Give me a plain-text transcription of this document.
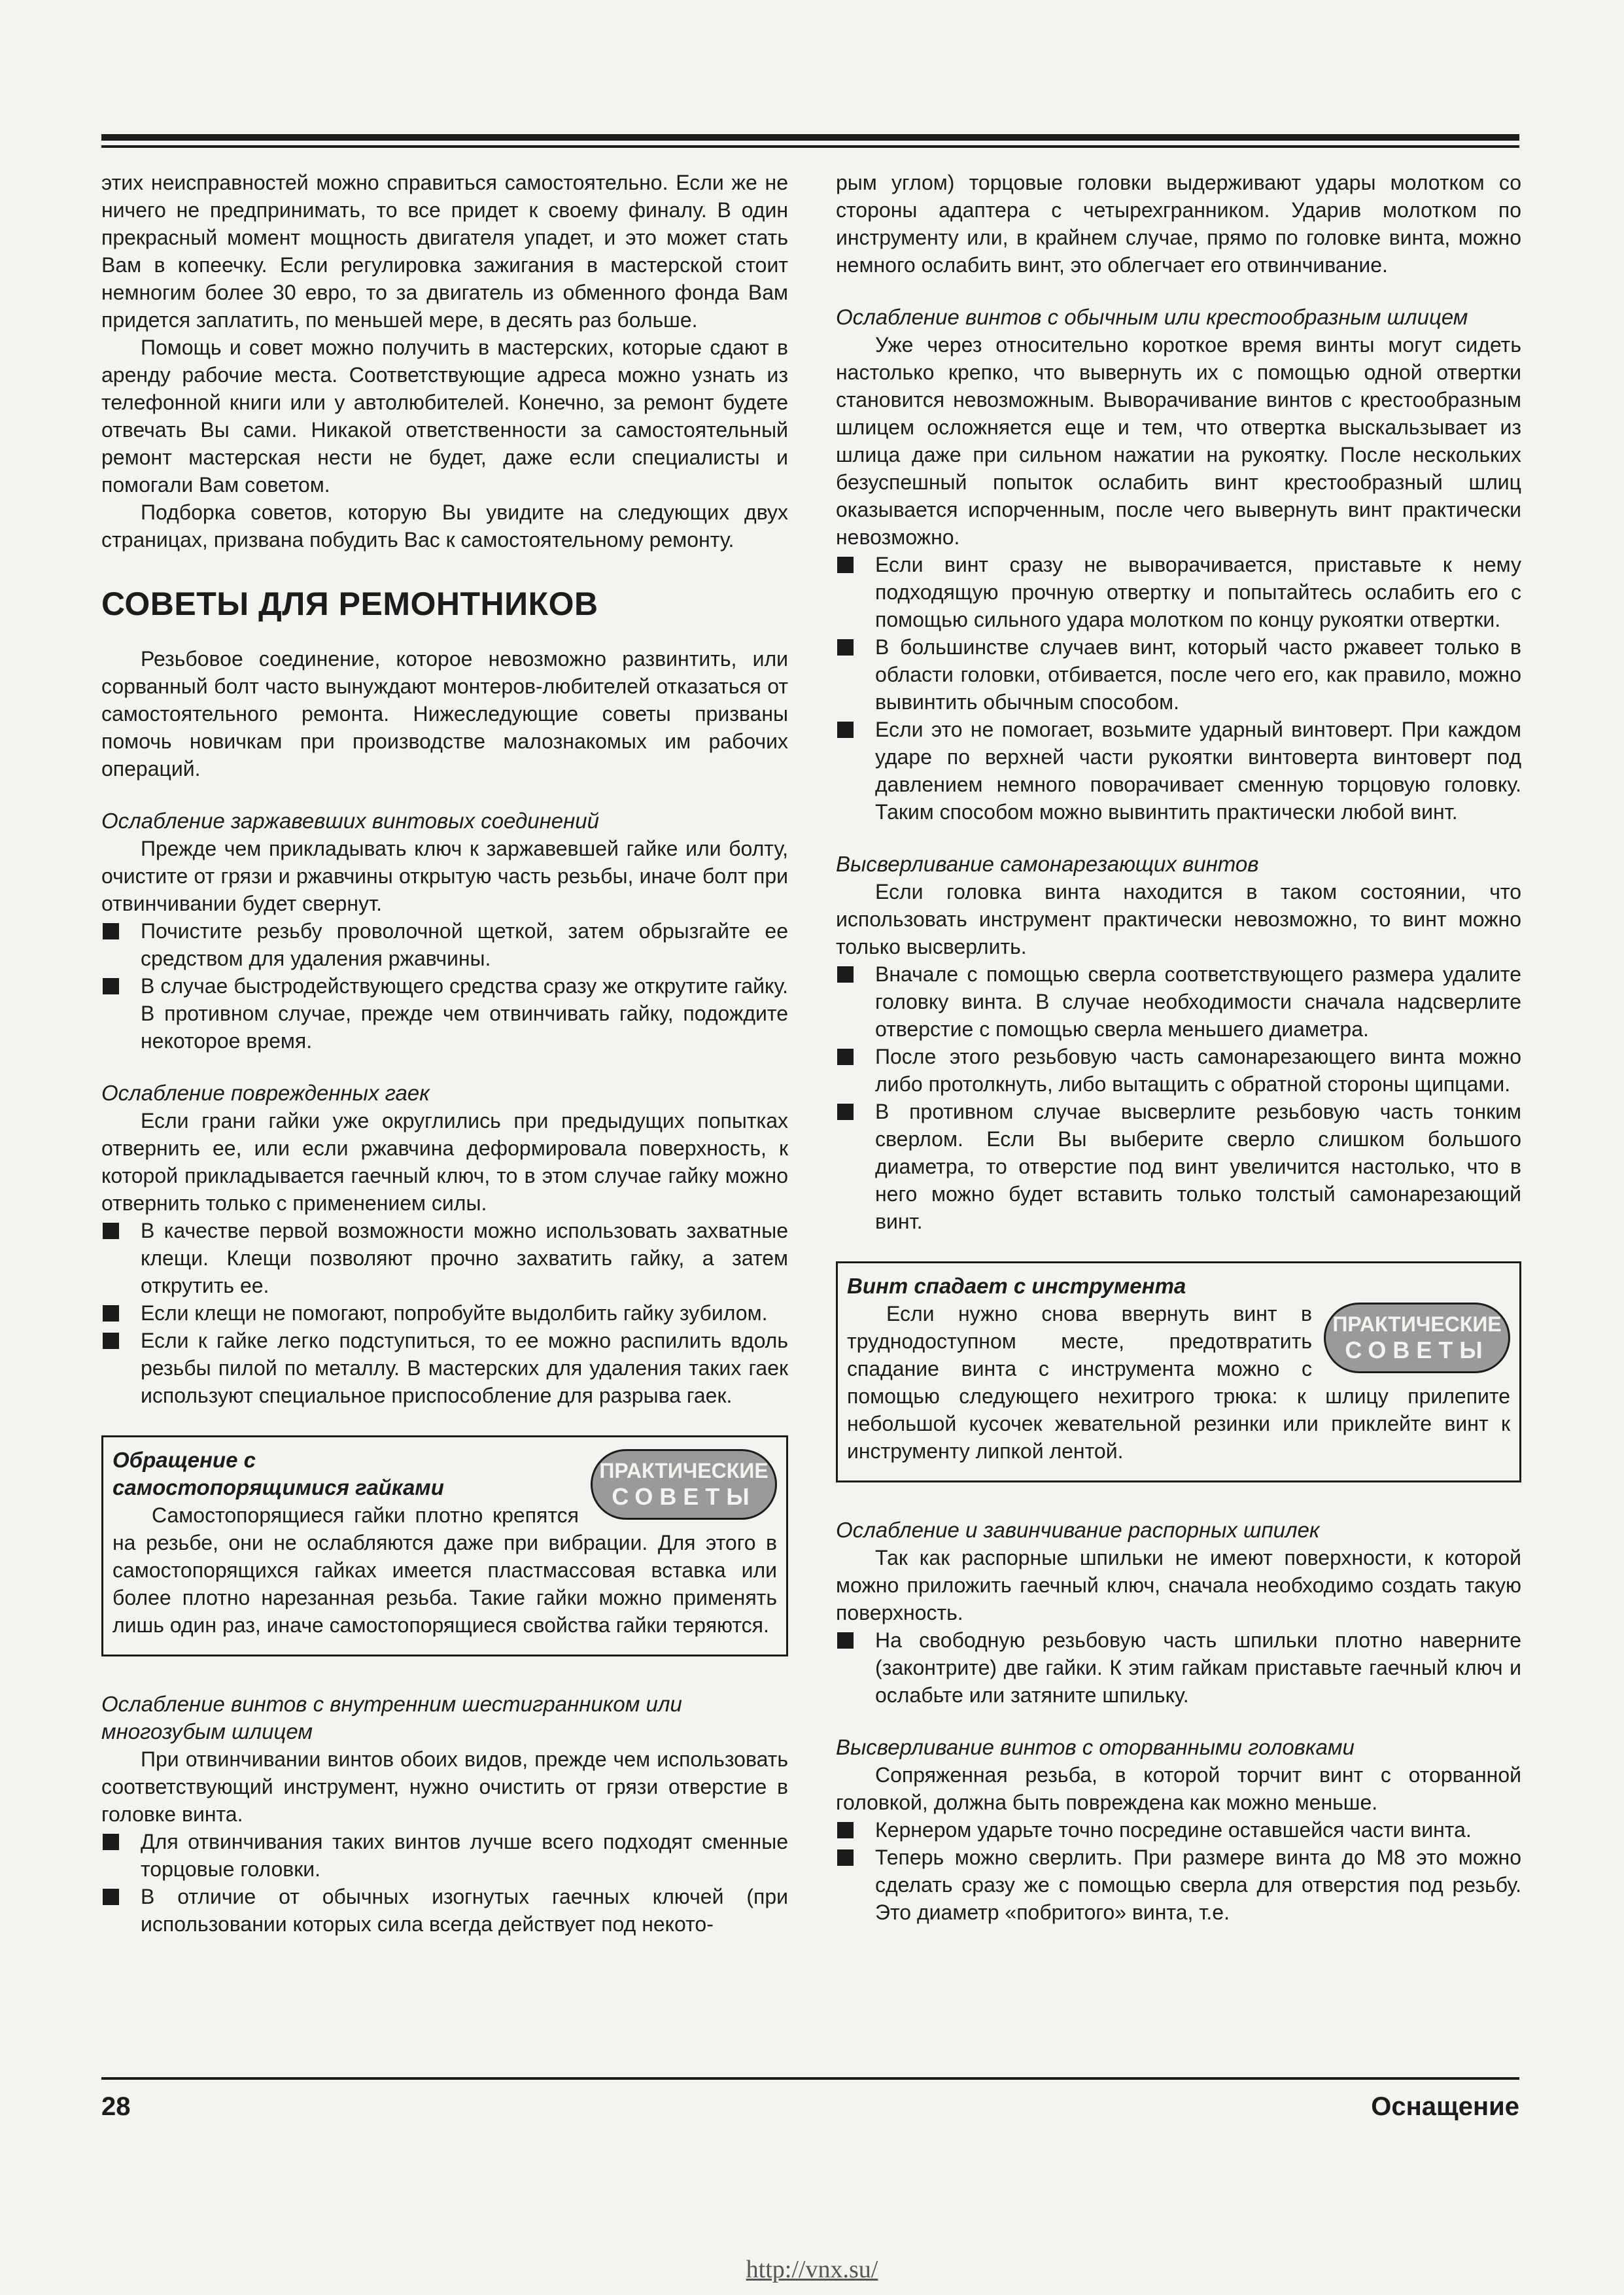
этих неисправностей можно справиться самостоятельно. Если же не ничего не предпринимать, то все придет к своему финалу. В один прекрасный момент мощность двигателя упадет, и это может стать Вам в копеечку. Если регулировка зажигания в мастерской стоит немногим более 30 евро, то за двигатель из обменного фонда Вам придется заплатить, по меньшей мере, в десять раз больше.

Помощь и совет можно получить в мастерских, которые сдают в аренду рабочие места. Соответствующие адреса можно узнать из телефонной книги или у автолюбителей. Конечно, за ремонт будете отвечать Вы сами. Никакой ответственности за самостоятельный ремонт мастерская нести не будет, даже если специалисты и помогали Вам советом.

Подборка советов, которую Вы увидите на следующих двух страницах, призвана побудить Вас к самостоятельному ремонту.

СОВЕТЫ ДЛЯ РЕМОНТНИКОВ

Резьбовое соединение, которое невозможно развинтить, или сорванный болт часто вынуждают монтеров-любителей отказаться от самостоятельного ремонта. Нижеследующие советы призваны помочь новичкам при производстве малознакомых им рабочих операций.

Ослабление заржавевших винтовых соединений

Прежде чем прикладывать ключ к заржавевшей гайке или болту, очистите от грязи и ржавчины открытую часть резьбы, иначе болт при отвинчивании будет свернут.

Почистите резьбу проволочной щеткой, затем обрызгайте ее средством для удаления ржавчины.
В случае быстродействующего средства сразу же открутите гайку. В противном случае, прежде чем отвинчивать гайку, подождите некоторое время.
Ослабление поврежденных гаек

Если грани гайки уже округлились при предыдущих попытках отвернить ее, или если ржавчина деформировала поверхность, к которой прикладывается гаечный ключ, то в этом случае гайку можно отвернить только с применением силы.

В качестве первой возможности можно использовать захватные клещи. Клещи позволяют прочно захватить гайку, а затем открутить ее.
Если клещи не помогают, попробуйте выдолбить гайку зубилом.
Если к гайке легко подступиться, то ее можно распилить вдоль резьбы пилой по металлу. В мастерских для удаления таких гаек используют специальное приспособление для разрыва гаек.
ПРАКТИЧЕСКИЕ
СОВЕТЫ
Обращение с
самостопорящимися гайками

Самостопорящиеся гайки плотно крепятся на резьбе, они не ослабляются даже при вибрации. Для этого в самостопорящихся гайках имеется пластмассовая вставка или более плотно нарезанная резьба. Такие гайки можно применять лишь один раз, иначе самостопорящиеся свойства гайки теряются.

Ослабление винтов с внутренним шестигранником или многозубым шлицем

При отвинчивании винтов обоих видов, прежде чем использовать соответствующий инструмент, нужно очистить от грязи отверстие в головке винта.

Для отвинчивания таких винтов лучше всего подходят сменные торцовые головки.
В отличие от обычных изогнутых гаечных ключей (при использовании которых сила всегда действует под некото-

рым углом) торцовые головки выдерживают удары молотком со стороны адаптера с четырехгранником. Ударив молотком по инструменту или, в крайнем случае, прямо по головке винта, можно немного ослабить винт, это облегчает его отвинчивание.

Ослабление винтов с обычным или крестообразным шлицем

Уже через относительно короткое время винты могут сидеть настолько крепко, что вывернуть их с помощью одной отвертки становится невозможным. Выворачивание винтов с крестообразным шлицем осложняется еще и тем, что отвертка выскальзывает из шлица даже при сильном нажатии на рукоятку. После нескольких безуспешный попыток ослабить винт крестообразный шлиц оказывается испорченным, после чего вывернуть винт практически невозможно.

Если винт сразу не выворачивается, приставьте к нему подходящую прочную отвертку и попытайтесь ослабить его с помощью сильного удара молотком по концу рукоятки отвертки.
В большинстве случаев винт, который часто ржавеет только в области головки, отбивается, после чего его, как правило, можно вывинтить обычным способом.
Если это не помогает, возьмите ударный винтоверт. При каждом ударе по верхней части рукоятки винтоверта винтоверт под давлением немного поворачивает сменную торцовую головку. Таким способом можно вывинтить практически любой винт.
Высверливание самонарезающих винтов

Если головка винта находится в таком состоянии, что использовать инструмент практически невозможно, то винт можно только высверлить.

Вначале с помощью сверла соответствующего размера удалите головку винта. В случае необходимости сначала надсверлите отверстие с помощью сверла меньшего диаметра.
После этого резьбовую часть самонарезающего винта можно либо протолкнуть, либо вытащить с обратной стороны щипцами.
В противном случае высверлите резьбовую часть тонким сверлом. Если Вы выберите сверло слишком большого диаметра, то отверстие под винт увеличится настолько, что в него можно будет вставить только толстый самонарезающий винт.
Винт спадает с инструмента
ПРАКТИЧЕСКИЕ
СОВЕТЫ

Если нужно снова ввернуть винт в труднодоступном месте, предотвратить спадание винта с инструмента можно с помощью следующего нехитрого трюка: к шлицу прилепите небольшой кусочек жевательной резинки или приклейте винт к инструменту липкой лентой.

Ослабление и завинчивание распорных шпилек

Так как распорные шпильки не имеют поверхности, к которой можно приложить гаечный ключ, сначала необходимо создать такую поверхность.

На свободную резьбовую часть шпильки плотно наверните (законтрите) две гайки. К этим гайкам приставьте гаечный ключ и ослабьте или затяните шпильку.
Высверливание винтов с оторванными головками

Сопряженная резьба, в которой торчит винт с оторванной головкой, должна быть повреждена как можно меньше.

Кернером ударьте точно посредине оставшейся части винта.
Теперь можно сверлить. При размере винта до М8 это можно сделать сразу же с помощью сверла для отверстия под резьбу. Это диаметр «побритого» винта, т.е.
28	Оснащение
http://vnx.su/
